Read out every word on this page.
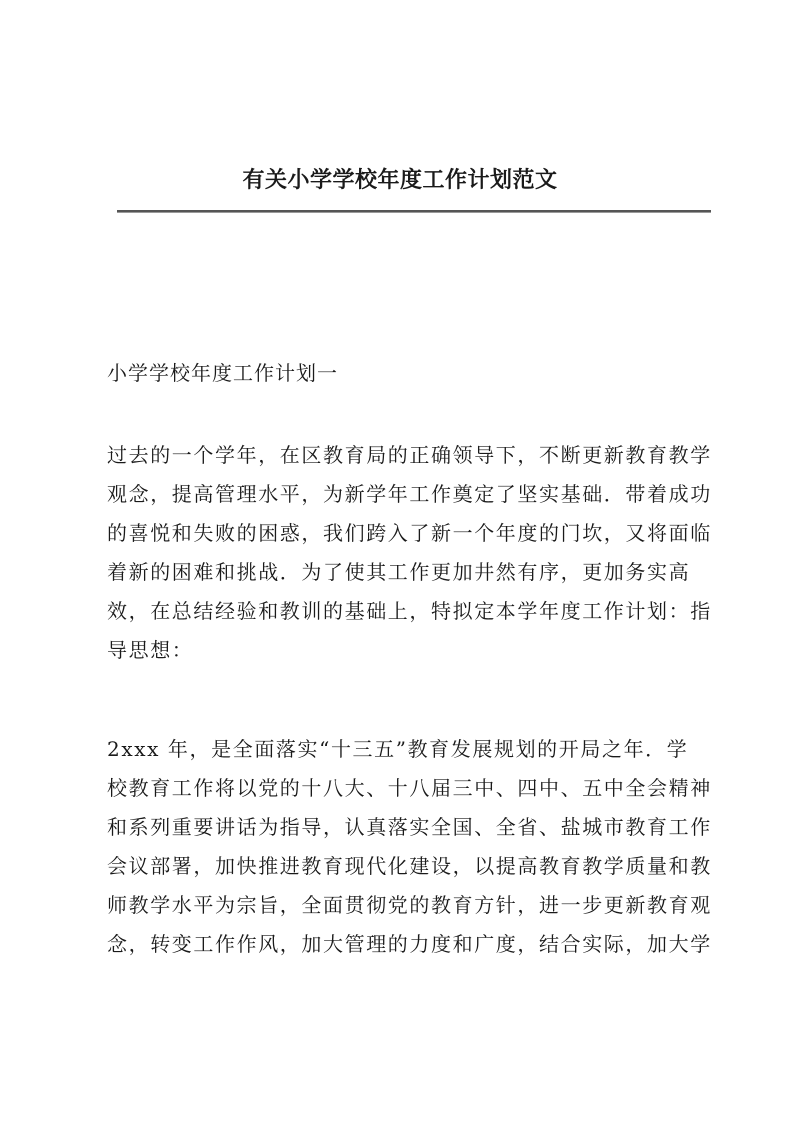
有关小学学校年度工作计划范文
小学学校年度工作计划一
过去的一个学年，在区教育局的正确领导下，不断更新教育教学
观念，提高管理水平，为新学年工作奠定了坚实基础．带着成功
的喜悦和失败的困惑，我们跨入了新一个年度的门坎，又将面临
着新的困难和挑战．为了使其工作更加井然有序，更加务实高
效，在总结经验和教训的基础上，特拟定本学年度工作计划：指
导思想：
2xxx 年，是全面落实“十三五”教育发展规划的开局之年．学
校教育工作将以党的十八大、十八届三中、四中、五中全会精神
和系列重要讲话为指导，认真落实全国、全省、盐城市教育工作
会议部署，加快推进教育现代化建设，以提高教育教学质量和教
师教学水平为宗旨，全面贯彻党的教育方针，进一步更新教育观
念，转变工作作风，加大管理的力度和广度，结合实际，加大学
